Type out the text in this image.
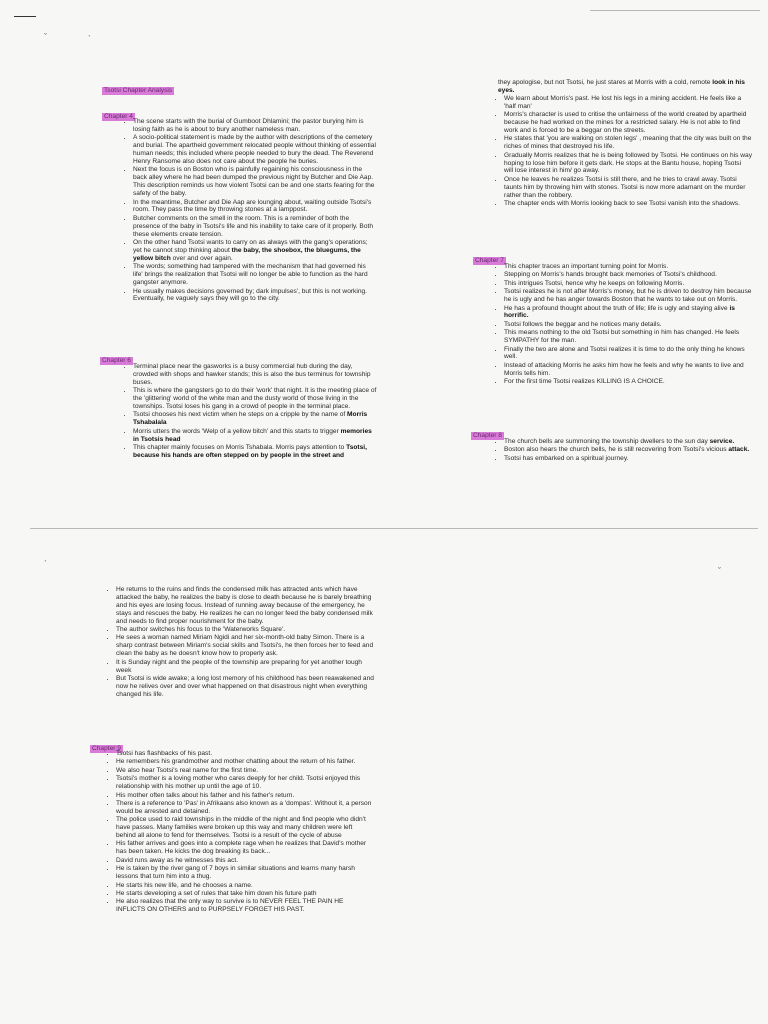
ˇ	ˋ
ˋ
ˇ
Tsotsi Chapter Analysis
Chapter 4
• The scene starts with the burial of Gumboot Dhlamini; the pastor burying him is losing faith as he is about to bury another nameless man.
• A socio-political statement is made by the author with descriptions of the cemetery and burial. The apartheid government relocated people without thinking of essential human needs; this included where people needed to bury the dead. The Reverend Henry Ransome also does not care about the people he buries.
• Next the focus is on Boston who is painfully regaining his consciousness in the back alley where he had been dumped the previous night by Butcher and Die Aap. This description reminds us how violent Tsotsi can be and one starts fearing for the safety of the baby.
• In the meantime, Butcher and Die Aap are lounging about, waiting outside Tsotsi's room. They pass the time by throwing stones at a lamppost.
• Butcher comments on the smell in the room. This is a reminder of both the presence of the baby in Tsotsi's life and his inability to take care of it properly. Both these elements create tension.
• On the other hand Tsotsi wants to carry on as always with the gang's operations; yet he cannot stop thinking about the baby, the shoebox, the bluegums, the yellow bitch over and over again.
• The words; something had tampered with the mechanism that had governed his life' brings the realization that Tsotsi will no longer be able to function as the hard gangster anymore.
• He usually makes decisions governed by; dark impulses', but this is not working. Eventually, he vaguely says they will go to the city.
Chapter 6
• Terminal place near the gasworks is a busy commercial hub during the day, crowded with shops and hawker stands; this is also the bus terminus for township buses.
• This is where the gangsters go to do their 'work' that night. It is the meeting place of the 'glittering' world of the white man and the dusty world of those living in the townships. Tsotsi loses his gang in a crowd of people in the terminal place.
• Tsotsi chooses his next victim when he steps on a cripple by the name of Morris Tshabalala
• Morris utters the words 'Welp of a yellow bitch' and this starts to trigger memories in Tsotsis head
• This chapter mainly focuses on Morris Tshabala. Morris pays attention to Tsotsi, because his hands are often stepped on by people in the street and
they apologise, but not Tsotsi, he just stares at Morris with a cold, remote look in his eyes.
• We learn about Morris's past. He lost his legs in a mining accident. He feels like a 'half man'
• Morris's character is used to critise the unfairness of the world created by apartheid because he had worked on the mines for a restricted salary. He is not able to find work and is forced to be a beggar on the streets.
• He states that 'you are walking on stolen legs' , meaning that the city was built on the riches of mines that destroyed his life.
• Gradually Morris realizes that he is being followed by Tsotsi. He continues on his way hoping to lose him before it gets dark. He stops at the Bantu house, hoping Tsotsi will lose interest in him/ go away.
• Once he leaves he realizes Tsotsi is still there, and he tries to crawl away. Tsotsi taunts him by throwing him with stones. Tsotsi is now more adamant on the murder rather than the robbery.
• The chapter ends with Morris looking back to see Tsotsi vanish into the shadows.
Chapter 7
• This chapter traces an important turning point for Morris.
• Stepping on Morris's hands brought back memories of Tsotsi's childhood.
• This intrigues Tsotsi, hence why he keeps on following Morris.
• Tsotsi realizes he is not after Morris's money, but he is driven to destroy him because he is ugly and he has anger towards Boston that he wants to take out on Morris.
• He has a profound thought about the truth of life; life is ugly and staying alive is horrific.
• Tsotsi follows the beggar and he notices many details.
• This means nothing to the old Tsotsi but something in him has changed. He feels SYMPATHY for the man.
• Finally the two are alone and Tsotsi realizes it is time to do the only thing he knows well.
• Instead of attacking Morris he asks him how he feels and why he wants to live and Morris tells him.
• For the first time Tsotsi realizes KILLING IS A CHOICE.
Chapter 8
• The church bells are summoning the township dwellers to the sun day service.
• Boston also hears the church bells, he is still recovering from Tsotsi's vicious attack.
• Tsotsi has embarked on a spiritual journey.
• He returns to the ruins and finds the condensed milk has attracted ants which have attacked the baby, he realizes the baby is close to death because he is barely breathing and his eyes are losing focus. Instead of running away because of the emergency, he stays and rescues the baby. He realizes he can no longer feed the baby condensed milk and needs to find proper nourishment for the baby.
• The author switches his focus to the 'Waterworks Square'.
• He sees a woman named Miriam Ngidi and her six-month-old baby Simon. There is a sharp contrast between Miriam's social skills and Tsotsi's, he then forces her to feed and clean the baby as he doesn't know how to properly ask.
• It is Sunday night and the people of the township are preparing for yet another tough week
• But Tsotsi is wide awake; a long lost memory of his childhood has been reawakened and now he relives over and over what happened on that disastrous night when everything changed his life.
Chapter 9
• Tsotsi has flashbacks of his past.
• He remembers his grandmother and mother chatting about the return of his father.
• We also hear Tsotsi's real name for the first time.
• Tsotsi's mother is a loving mother who cares deeply for her child. Tsotsi enjoyed this relationship with his mother up until the age of 10.
• His mother often talks about his father and his father's return.
• There is a reference to 'Pas' in Afrikaans also known as a 'dompas'. Without it, a person would be arrested and detained.
• The police used to raid townships in the middle of the night and find people who didn't have passes. Many families were broken up this way and many children were left behind all alone to fend for themselves. Tsotsi is a result of the cycle of abuse
• His father arrives and goes into a complete rage when he realizes that David's mother has been taken. He kicks the dog breaking its back...
• David runs away as he witnesses this act.
• He is taken by the river gang of 7 boys in similar situations and learns many harsh lessons that turn him into a thug.
• He starts his new life, and he chooses a name.
• He starts developing a set of rules that take him down his future path
• He also realizes that the only way to survive is to NEVER FEEL THE PAIN HE INFLICTS ON OTHERS and to PURPSELY FORGET HIS PAST.
